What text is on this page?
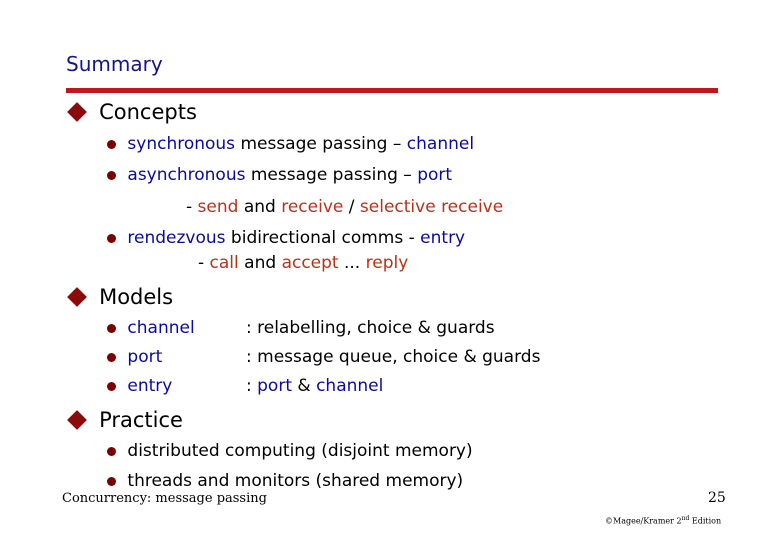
Summary
Concepts
synchronous message passing – channel
asynchronous message passing – port
- send and receive / selective receive
rendezvous bidirectional comms - entry
- call and accept ... reply
Models
channel	: relabelling, choice & guards
port	: message queue, choice & guards
entry	: port & channel
Practice
distributed computing (disjoint memory)
threads and monitors (shared memory)
Concurrency: message passing	25
©Magee/Kramer 2nd Edition
